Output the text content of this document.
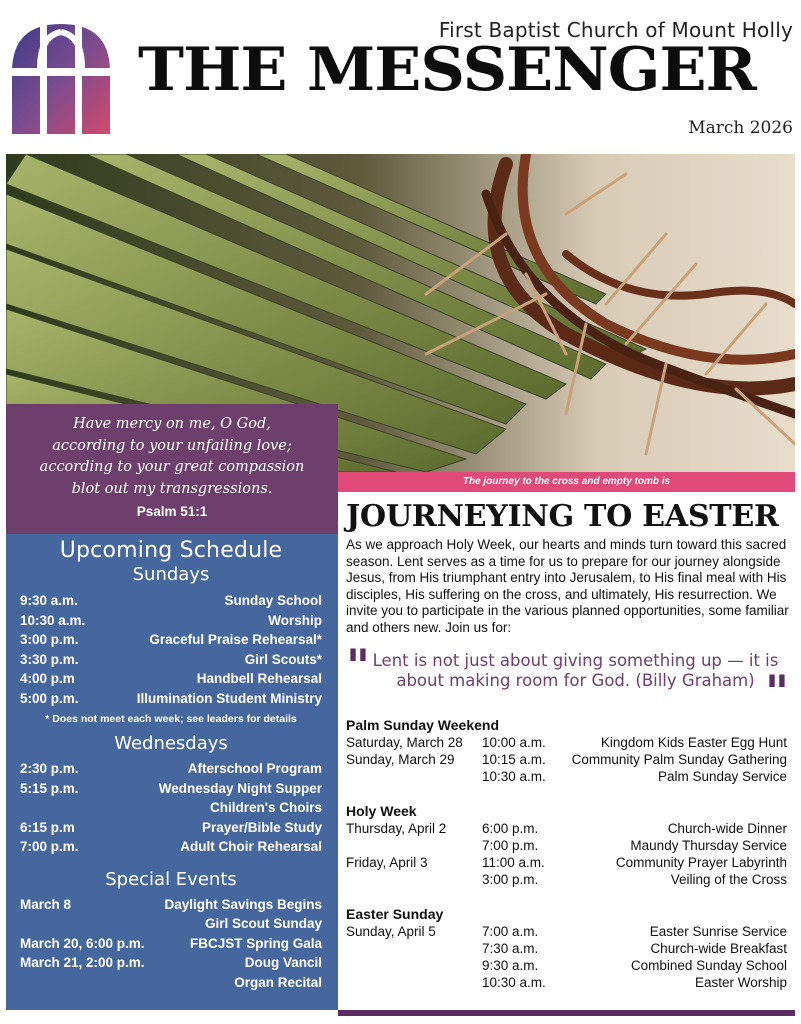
First Baptist Church of Mount Holly
THE MESSENGER
March 2026
The journey to the cross and empty tomb is
Have mercy on me, O God,
according to your unfailing love;
according to your great compassion
blot out my transgressions.
Psalm 51:1
Upcoming Schedule
Sundays
9:30 a.m.	Sunday School
10:30 a.m.	Worship
3:00 p.m.	Graceful Praise Rehearsal*
3:30 p.m.	Girl Scouts*
4:00 p.m	Handbell Rehearsal
5:00 p.m.	Illumination Student Ministry
* Does not meet each week; see leaders for details
Wednesdays
2:30 p.m.	Afterschool Program
5:15 p.m.	Wednesday Night Supper
Children's Choirs
6:15 p.m	Prayer/Bible Study
7:00 p.m.	Adult Choir Rehearsal
Special Events
March 8	Daylight Savings Begins
Girl Scout Sunday
March 20, 6:00 p.m.	FBCJST Spring Gala
March 21, 2:00 p.m.	Doug Vancil
Organ Recital
JOURNEYING TO EASTER
As we approach Holy Week, our hearts and minds turn toward this sacred season. Lent serves as a time for us to prepare for our journey alongside Jesus, from His triumphant entry into Jerusalem, to His final meal with His disciples, His suffering on the cross, and ultimately, His resurrection. We invite you to participate in the various planned opportunities, some familiar and others new. Join us for:
" Lent is not just about giving something up — it is about making room for God. (Billy Graham) "
Palm Sunday Weekend
Saturday, March 28 10:00 a.m.	Kingdom Kids Easter Egg Hunt
Sunday, March 29 10:15 a.m. Community Palm Sunday Gathering
10:30 a.m.	Palm Sunday Service
Holy Week
Thursday, April 2	6:00 p.m.	Church-wide Dinner
7:00 p.m.	Maundy Thursday Service
Friday, April 3	11:00 a.m.	Community Prayer Labyrinth
3:00 p.m.	Veiling of the Cross
Easter Sunday
Sunday, April 5	7:00 a.m.	Easter Sunrise Service
7:30 a.m.	Church-wide Breakfast
9:30 a.m.	Combined Sunday School
10:30 a.m.	Easter Worship
